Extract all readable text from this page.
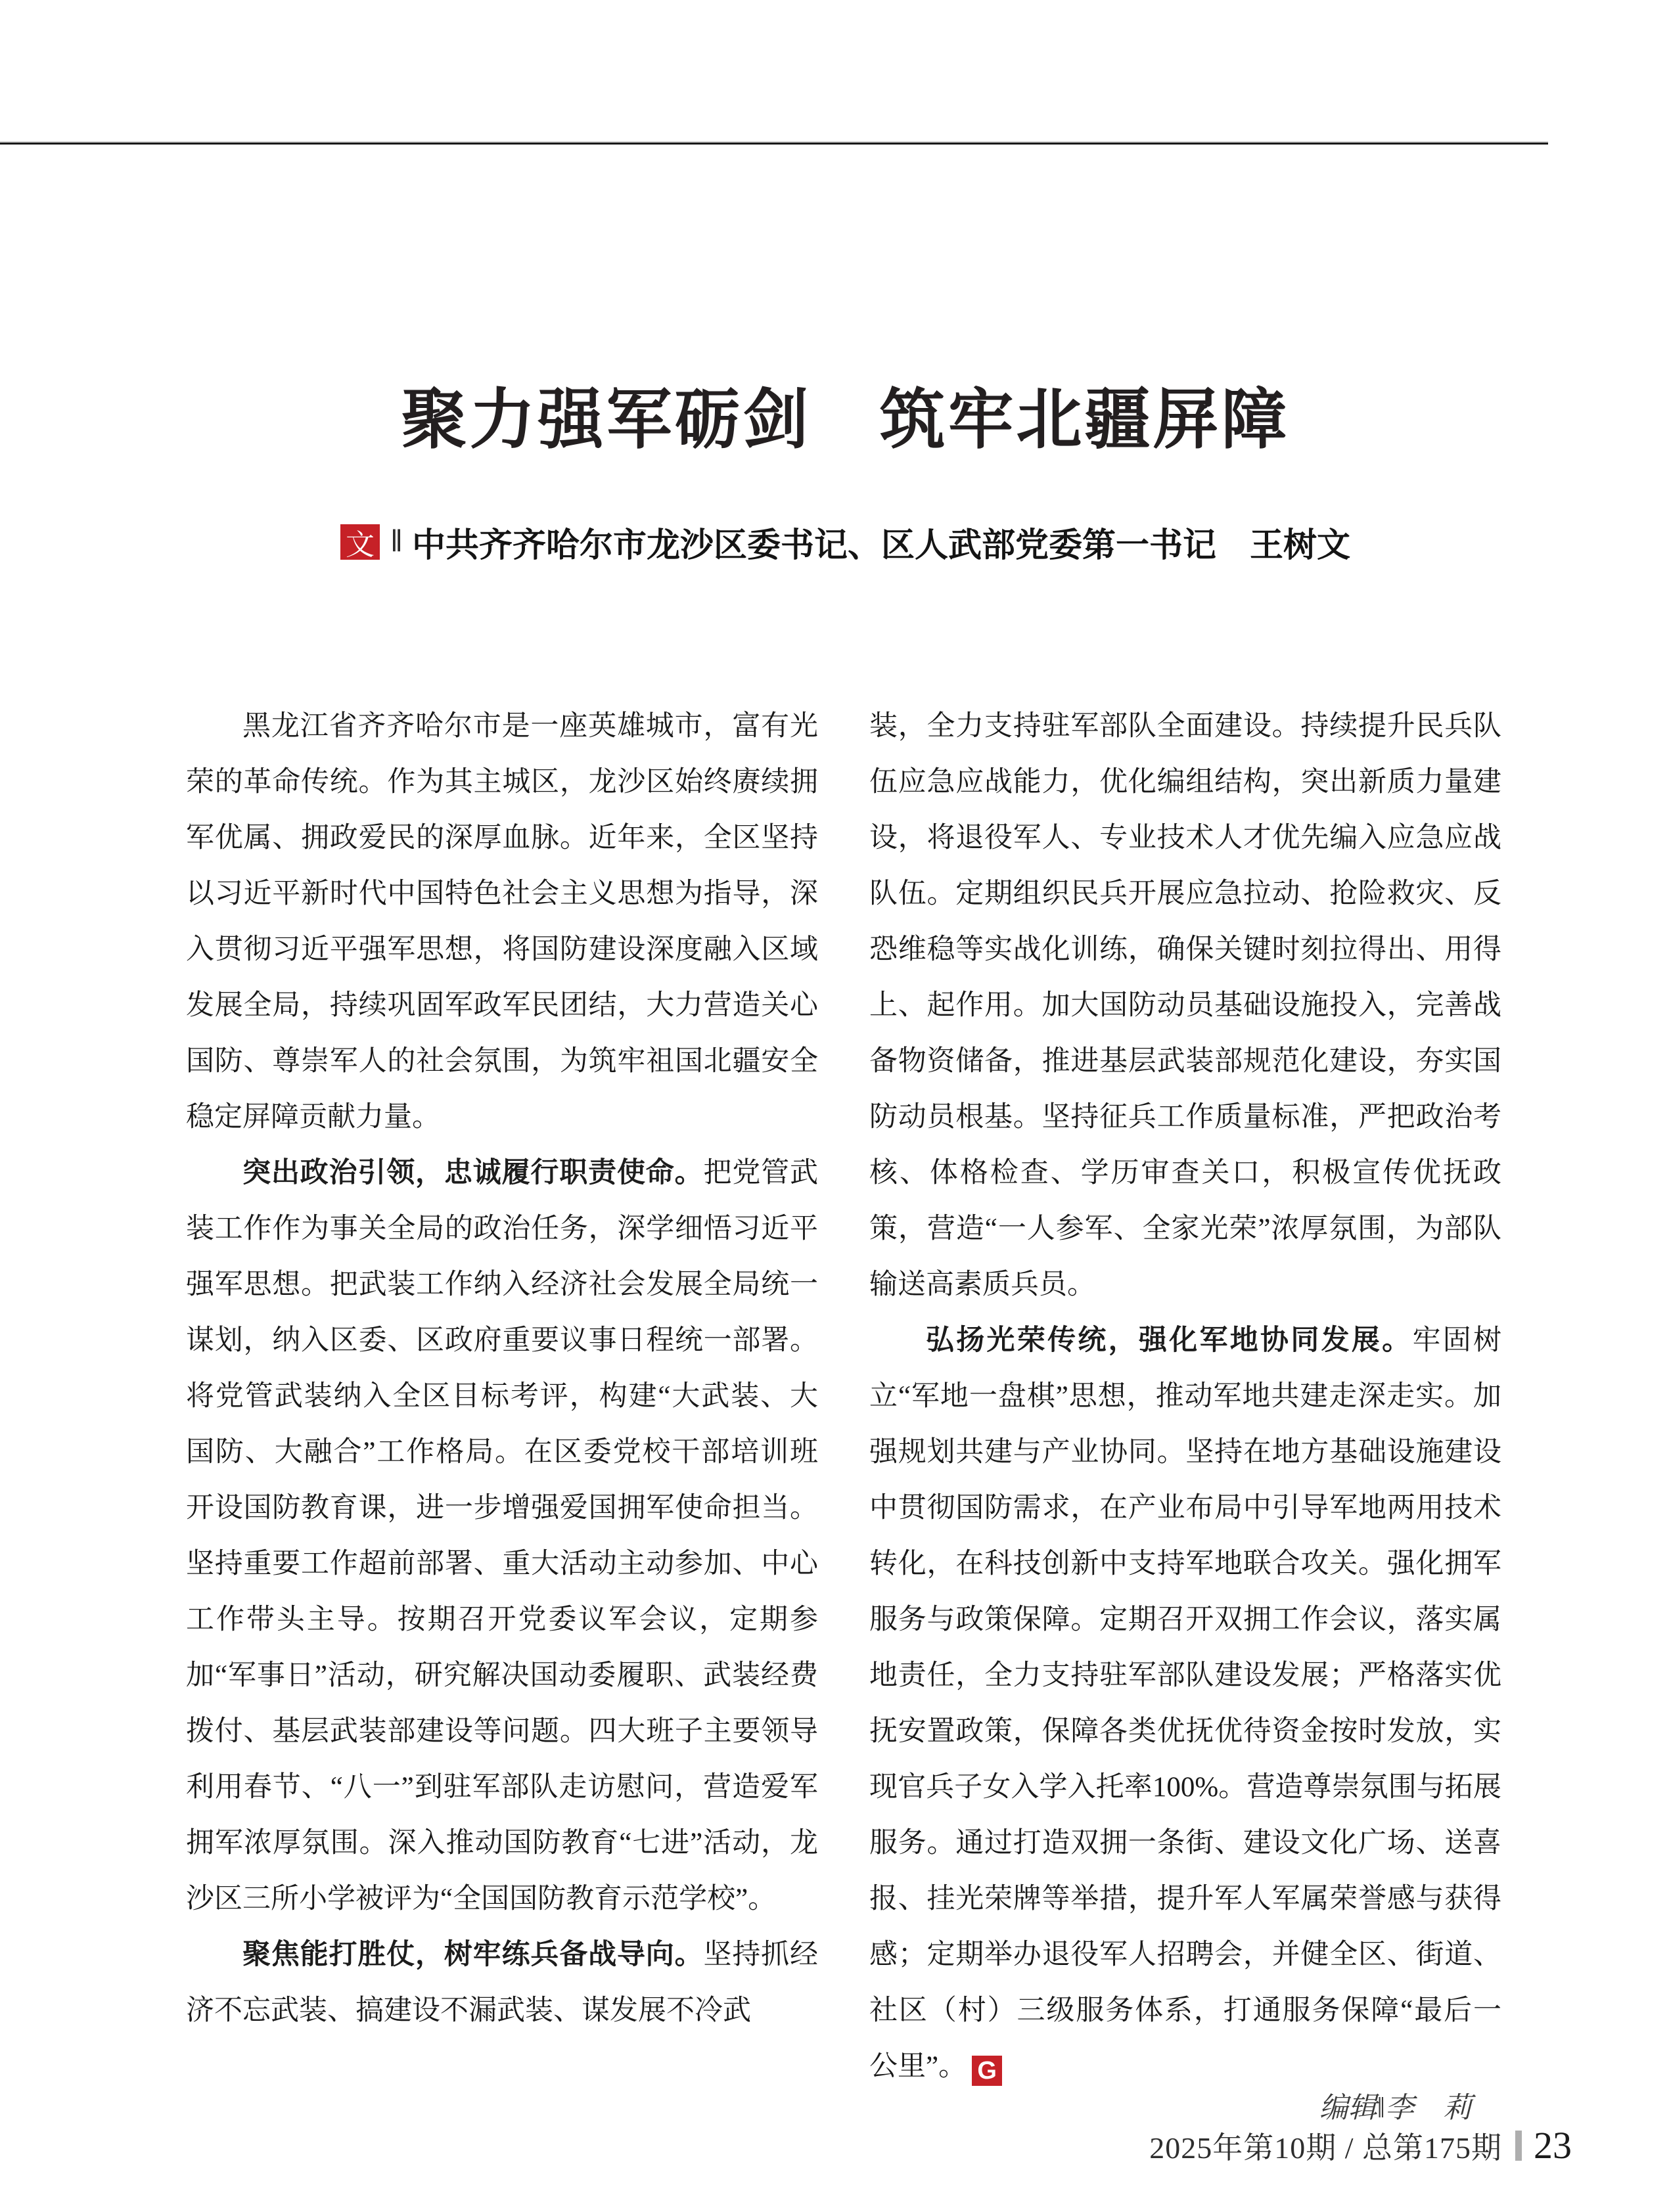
聚力强军砺剑　筑牢北疆屏障
文 ‖ 中共齐齐哈尔市龙沙区委书记、区人武部党委第一书记　王树文

黑龙江省齐齐哈尔市是一座英雄城市，富有光荣的革命传统。作为其主城区，龙沙区始终赓续拥军优属、拥政爱民的深厚血脉。近年来，全区坚持以习近平新时代中国特色社会主义思想为指导，深入贯彻习近平强军思想，将国防建设深度融入区域发展全局，持续巩固军政军民团结，大力营造关心国防、尊崇军人的社会氛围，为筑牢祖国北疆安全稳定屏障贡献力量。

突出政治引领，忠诚履行职责使命。把党管武装工作作为事关全局的政治任务，深学细悟习近平强军思想。把武装工作纳入经济社会发展全局统一谋划，纳入区委、区政府重要议事日程统一部署。将党管武装纳入全区目标考评，构建“大武装、大国防、大融合”工作格局。在区委党校干部培训班开设国防教育课，进一步增强爱国拥军使命担当。坚持重要工作超前部署、重大活动主动参加、中心工作带头主导。按期召开党委议军会议，定期参加“军事日”活动，研究解决国动委履职、武装经费拨付、基层武装部建设等问题。四大班子主要领导利用春节、“八一”到驻军部队走访慰问，营造爱军拥军浓厚氛围。深入推动国防教育“七进”活动，龙沙区三所小学被评为“全国国防教育示范学校”。

聚焦能打胜仗，树牢练兵备战导向。坚持抓经济不忘武装、搞建设不漏武装、谋发展不冷武

装，全力支持驻军部队全面建设。持续提升民兵队伍应急应战能力，优化编组结构，突出新质力量建设，将退役军人、专业技术人才优先编入应急应战队伍。定期组织民兵开展应急拉动、抢险救灾、反恐维稳等实战化训练，确保关键时刻拉得出、用得上、起作用。加大国防动员基础设施投入，完善战备物资储备，推进基层武装部规范化建设，夯实国防动员根基。坚持征兵工作质量标准，严把政治考核、体格检查、学历审查关口，积极宣传优抚政策，营造“一人参军、全家光荣”浓厚氛围，为部队输送高素质兵员。

弘扬光荣传统，强化军地协同发展。牢固树立“军地一盘棋”思想，推动军地共建走深走实。加强规划共建与产业协同。坚持在地方基础设施建设中贯彻国防需求，在产业布局中引导军地两用技术转化，在科技创新中支持军地联合攻关。强化拥军服务与政策保障。定期召开双拥工作会议，落实属地责任，全力支持驻军部队建设发展；严格落实优抚安置政策，保障各类优抚优待资金按时发放，实现官兵子女入学入托率100%。营造尊崇氛围与拓展服务。通过打造双拥一条街、建设文化广场、送喜报、挂光荣牌等举措，提升军人军属荣誉感与获得感；定期举办退役军人招聘会，并健全区、街道、社区（村）三级服务体系，打通服务保障“最后一公里”。 G

编辑‖李　莉
2025年第10期 / 总第175期 23
